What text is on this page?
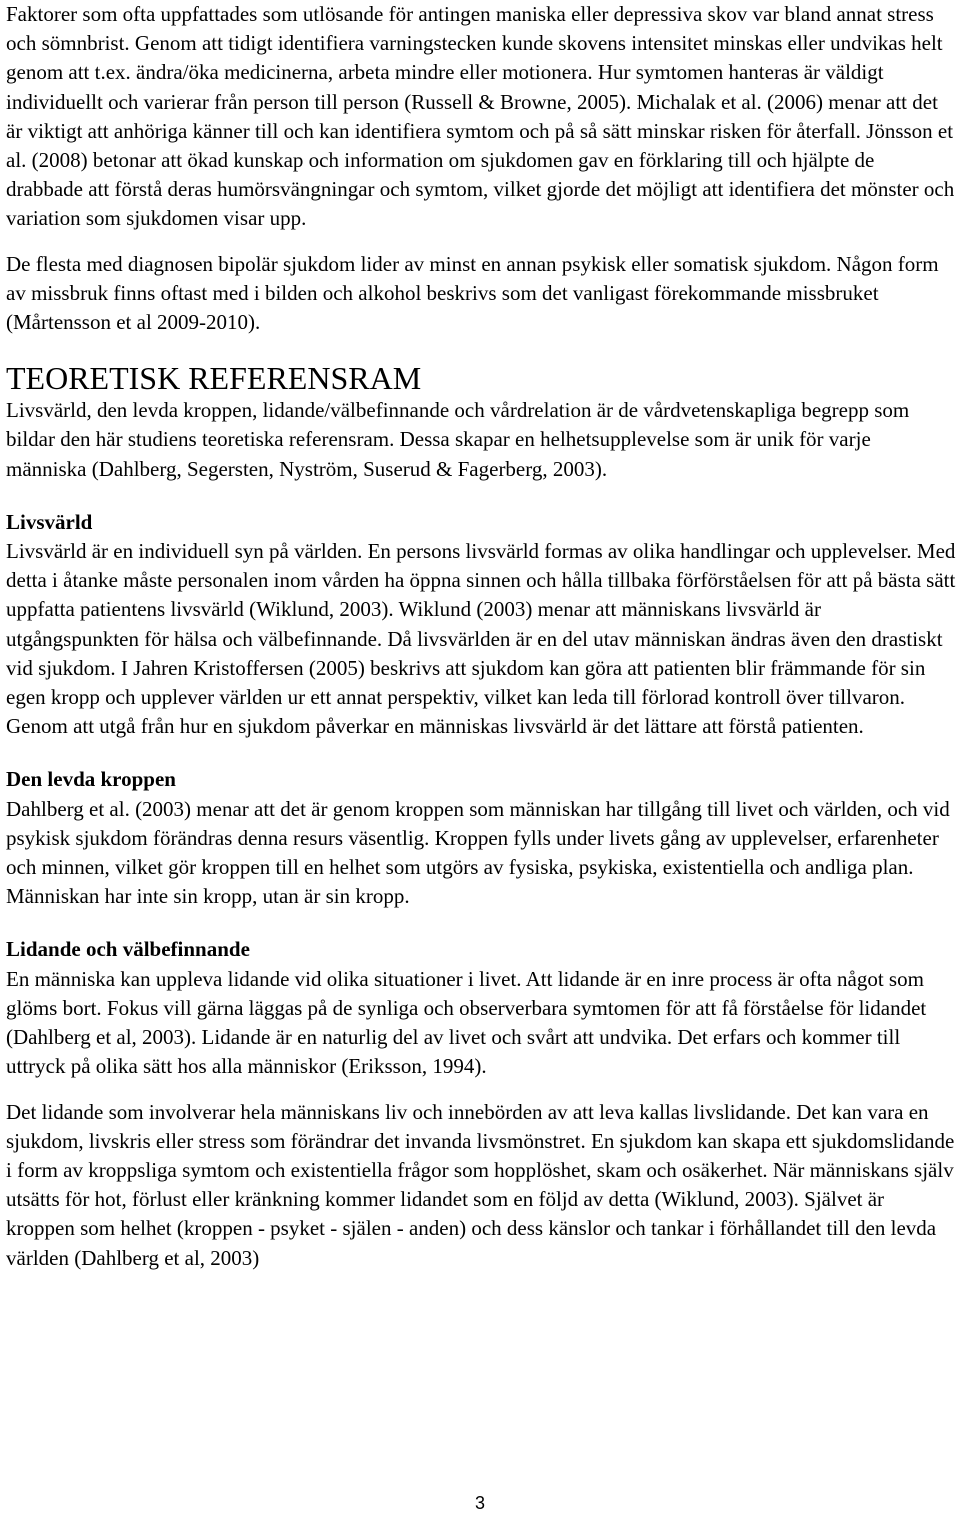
Faktorer som ofta uppfattades som utlösande för antingen maniska eller depressiva skov var bland annat stress och sömnbrist. Genom att tidigt identifiera varningstecken kunde skovens intensitet minskas eller undvikas helt genom att t.ex. ändra/öka medicinerna, arbeta mindre eller motionera. Hur symtomen hanteras är väldigt individuellt och varierar från person till person (Russell & Browne, 2005). Michalak et al. (2006) menar att det är viktigt att anhöriga känner till och kan identifiera symtom och på så sätt minskar risken för återfall. Jönsson et al. (2008) betonar att ökad kunskap och information om sjukdomen gav en förklaring till och hjälpte de drabbade att förstå deras humörsvängningar och symtom, vilket gjorde det möjligt att identifiera det mönster och variation som sjukdomen visar upp.

De flesta med diagnosen bipolär sjukdom lider av minst en annan psykisk eller somatisk sjukdom. Någon form av missbruk finns oftast med i bilden och alkohol beskrivs som det vanligast förekommande missbruket (Mårtensson et al 2009-2010).

TEORETISK REFERENSRAM

Livsvärld, den levda kroppen, lidande/välbefinnande och vårdrelation är de vårdvetenskapliga begrepp som bildar den här studiens teoretiska referensram. Dessa skapar en helhetsupplevelse som är unik för varje människa (Dahlberg, Segersten, Nyström, Suserud & Fagerberg, 2003).

Livsvärld

Livsvärld är en individuell syn på världen. En persons livsvärld formas av olika handlingar och upplevelser. Med detta i åtanke måste personalen inom vården ha öppna sinnen och hålla tillbaka förförståelsen för att på bästa sätt uppfatta patientens livsvärld (Wiklund, 2003). Wiklund (2003) menar att människans livsvärld är utgångspunkten för hälsa och välbefinnande. Då livsvärlden är en del utav människan ändras även den drastiskt vid sjukdom. I Jahren Kristoffersen (2005) beskrivs att sjukdom kan göra att patienten blir främmande för sin egen kropp och upplever världen ur ett annat perspektiv, vilket kan leda till förlorad kontroll över tillvaron. Genom att utgå från hur en sjukdom påverkar en människas livsvärld är det lättare att förstå patienten.

Den levda kroppen

Dahlberg et al. (2003) menar att det är genom kroppen som människan har tillgång till livet och världen, och vid psykisk sjukdom förändras denna resurs väsentlig. Kroppen fylls under livets gång av upplevelser, erfarenheter och minnen, vilket gör kroppen till en helhet som utgörs av fysiska, psykiska, existentiella och andliga plan. Människan har inte sin kropp, utan är sin kropp.

Lidande och välbefinnande

En människa kan uppleva lidande vid olika situationer i livet. Att lidande är en inre process är ofta något som glöms bort. Fokus vill gärna läggas på de synliga och observerbara symtomen för att få förståelse för lidandet (Dahlberg et al, 2003). Lidande är en naturlig del av livet och svårt att undvika. Det erfars och kommer till uttryck på olika sätt hos alla människor (Eriksson, 1994).

Det lidande som involverar hela människans liv och innebörden av att leva kallas livslidande. Det kan vara en sjukdom, livskris eller stress som förändrar det invanda livsmönstret. En sjukdom kan skapa ett sjukdomslidande i form av kroppsliga symtom och existentiella frågor som hopplöshet, skam och osäkerhet. När människans själv utsätts för hot, förlust eller kränkning kommer lidandet som en följd av detta (Wiklund, 2003). Självet är kroppen som helhet (kroppen - psyket - själen - anden) och dess känslor och tankar i förhållandet till den levda världen (Dahlberg et al, 2003)

3
